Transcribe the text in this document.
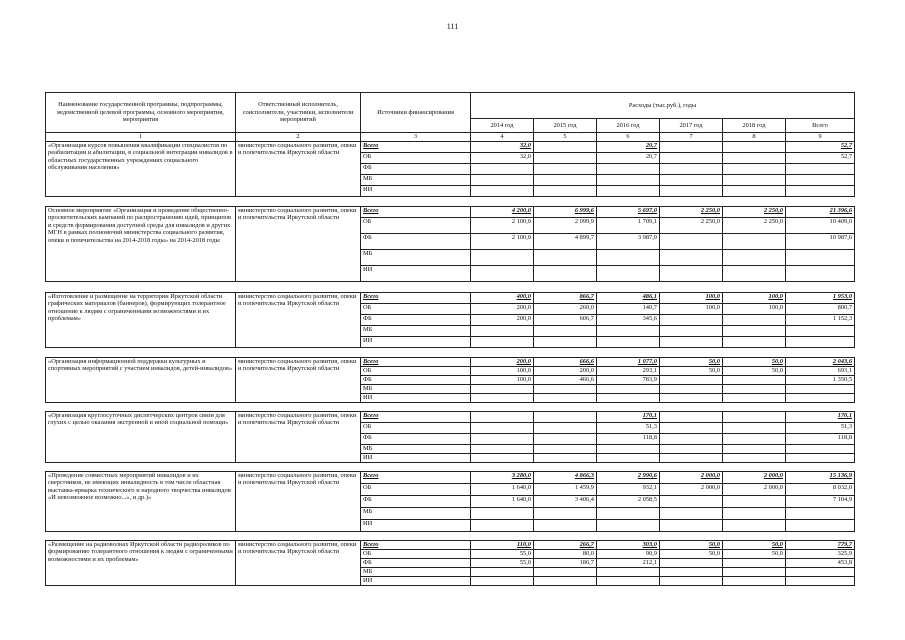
111
Наименование государственной программы, подпрограммы, ведомственной целевой программы, основного мероприятия, мероприятия	Ответственный исполнитель, соисполнители, участники, исполнители мероприятий	Источники финансирования	Расходы (тыс.руб.), годы					
			2014 год	2015 год	2016 год	2017 год	2018 год	Всего
1	2	3	4	5	6	7	8	9
«Организация курсов повышения квалификации специалистов по реабилитации и абилитации, в социальной интеграции инвалидов в областных государственных учреждениях социального обслуживания населения»	министерство социального развития, опеки и попечительства Иркутской области	Всего	32,0		20,7			52,7
		ОБ	32,0		20,7			52,7
		ФБ						
		МБ						
		ИИ						

Основное мероприятие «Организация и проведение общественно-просветительских кампаний по распространению идей, принципов и средств формирования доступной среды для инвалидов и других МГН в рамках полномочий министерства социального развития, опеки и попечительства на 2014-2018 годы» на 2014-2018 годы	министерство социального развития, опеки и попечительства Иркутской области	Всего	4 200,0	6 999,6	5 697,0	2 250,0	2 250,0	21 396,6
		ОБ	2 100,0	2 099,9	1 709,1	2 250,0	2 250,0	10 409,0
		ФБ	2 100,0	4 899,7	3 987,9			10 987,6
		МБ						
		ИИ						

«Изготовление и размещение на территории Иркутской области графических материалов (баннеров), формирующих толерантное отношение к людям с ограниченными возможностями и их проблемам»	министерство социального развития, опеки и попечительства Иркутской области	Всего	400,0	866,7	486,1	100,0	100,0	1 953,0
		ОБ	200,0	260,0	140,7	100,0	100,0	800,7
		ФБ	200,0	606,7	345,6			1 152,3
		МБ						
		ИИ						

«Организация информационной поддержки культурных и спортивных мероприятий с участием инвалидов, детей-инвалидов»	министерство социального развития, опеки и попечительства Иркутской области	Всего	200,0	666,6	1 077,0	50,0	50,0	2 043,6
		ОБ	100,0	200,0	293,1	50,0	50,0	693,1
		ФБ	100,0	466,6	783,9			1 350,5
		МБ						
		ИИ						

«Организация круглосуточных диспетчерских центров связи для глухих с целью оказания экстренной и иной социальной помощи»	министерство социального развития, опеки и попечительства Иркутской области	Всего			170,1			170,1
		ОБ			51,3			51,3
		ФБ			118,8			118,8
		МБ						
		ИИ						

«Проведение совместных мероприятий инвалидов и их сверстников, не имеющих инвалидность в том числе областная выставка-ярмарка технического и народного творчества инвалидов «И невозможное возможно...», и др.)»	министерство социального развития, опеки и попечительства Иркутской области	Всего	3 280,0	4 866,3	2 990,6	2 000,0	2 000,0	15 136,9
		ОБ	1 640,0	1 459,9	932,1	2 000,0	2 000,0	8 032,0
		ФБ	1 640,0	3 406,4	2 058,5			7 104,9
		МБ						
		ИИ						

«Размещение на радиоволнах Иркутской области радиороликов по формированию толерантного отношения к людям с ограниченными возможностями и их проблемам»	министерство социального развития, опеки и попечительства Иркутской области	Всего	110,0	266,7	303,0	50,0	50,0	779,7
		ОБ	55,0	80,0	90,9	50,0	50,0	325,9
		ФБ	55,0	186,7	212,1			453,8
		МБ						
		ИИ						
